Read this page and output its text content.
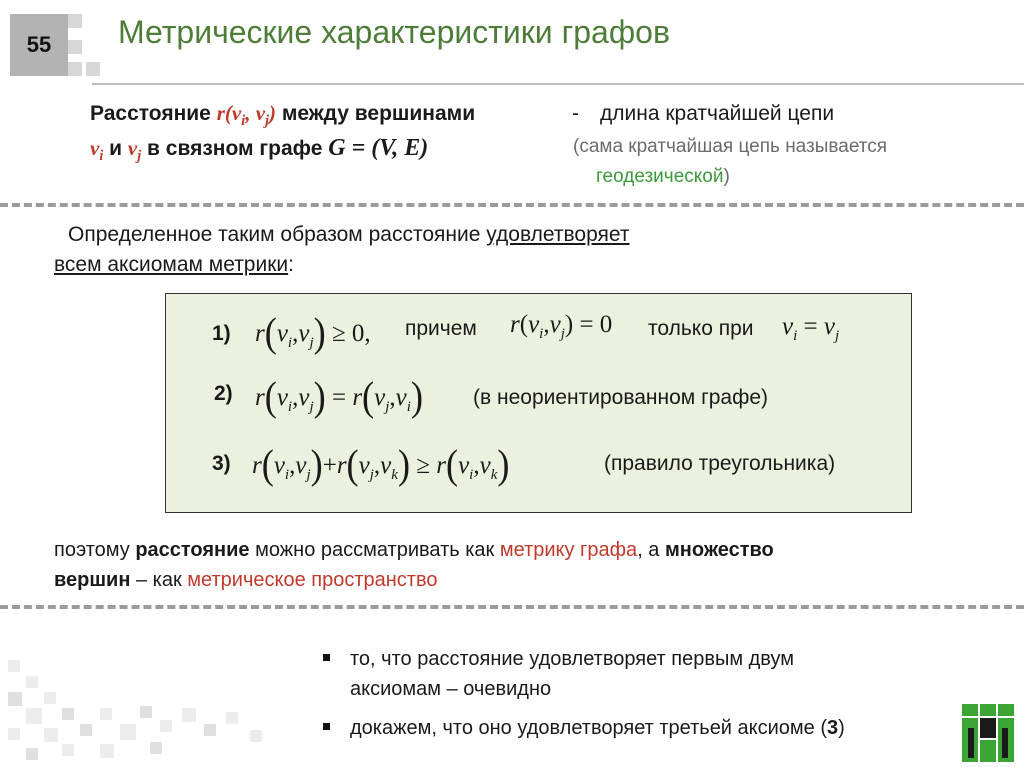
55 Метрические характеристики графов
Расстояние $r(v_i$, $v_j$) между вершинами	- длина кратчайшей цепи
$v_i$ и $v_j$ в связном графе G = (V, E)	(сама кратчайшая цепь называется
геодезической)
Определенное таким образом расстояние удовлетворяет
всем аксиомам метрики:
1) $r(v_i,v_j) \ge 0$, причем $r(v_i,v_j) = 0$ только при $v_i = v_j$
2) $r(v_i,v_j) = r(v_j,v_i)$ (в неориентированном графе)
3) $r(v_i,v_j)+r(v_j,v_k) \ge r(v_i,v_k)$	(правило треугольника)
поэтому расстояние можно рассматривать как метрику графа, а множество
вершин – как метрическое пространство
то, что расстояние удовлетворяет первым двум
аксиомам – очевидно
докажем, что оно удовлетворяет третьей аксиоме (3)
